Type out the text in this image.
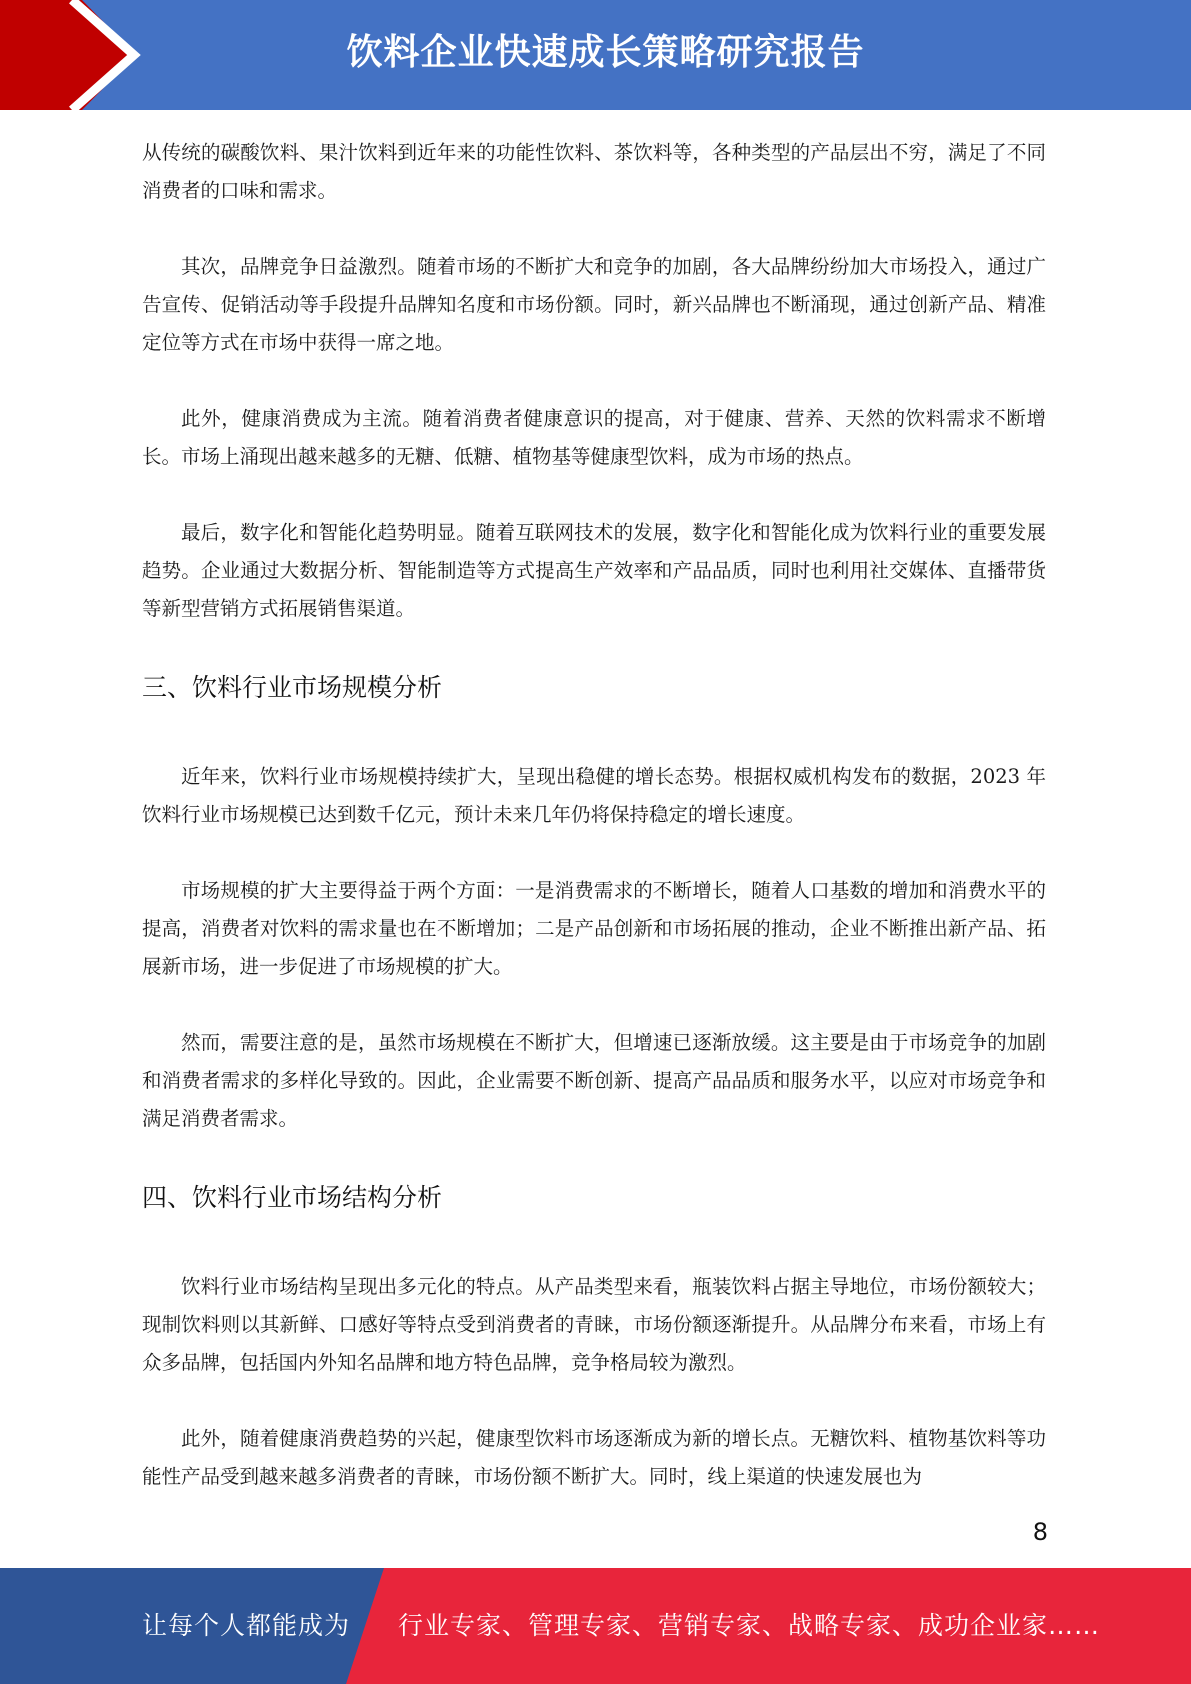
饮料企业快速成长策略研究报告

从传统的碳酸饮料、果汁饮料到近年来的功能性饮料、茶饮料等，各种类型的产品层出不穷，满足了不同消费者的口味和需求。

其次，品牌竞争日益激烈。随着市场的不断扩大和竞争的加剧，各大品牌纷纷加大市场投入，通过广告宣传、促销活动等手段提升品牌知名度和市场份额。同时，新兴品牌也不断涌现，通过创新产品、精准定位等方式在市场中获得一席之地。

此外，健康消费成为主流。随着消费者健康意识的提高，对于健康、营养、天然的饮料需求不断增长。市场上涌现出越来越多的无糖、低糖、植物基等健康型饮料，成为市场的热点。

最后，数字化和智能化趋势明显。随着互联网技术的发展，数字化和智能化成为饮料行业的重要发展趋势。企业通过大数据分析、智能制造等方式提高生产效率和产品品质，同时也利用社交媒体、直播带货等新型营销方式拓展销售渠道。

三、饮料行业市场规模分析

近年来，饮料行业市场规模持续扩大，呈现出稳健的增长态势。根据权威机构发布的数据，2023 年饮料行业市场规模已达到数千亿元，预计未来几年仍将保持稳定的增长速度。

市场规模的扩大主要得益于两个方面：一是消费需求的不断增长，随着人口基数的增加和消费水平的提高，消费者对饮料的需求量也在不断增加；二是产品创新和市场拓展的推动，企业不断推出新产品、拓展新市场，进一步促进了市场规模的扩大。

然而，需要注意的是，虽然市场规模在不断扩大，但增速已逐渐放缓。这主要是由于市场竞争的加剧和消费者需求的多样化导致的。因此，企业需要不断创新、提高产品品质和服务水平，以应对市场竞争和满足消费者需求。

四、饮料行业市场结构分析

饮料行业市场结构呈现出多元化的特点。从产品类型来看，瓶装饮料占据主导地位，市场份额较大；现制饮料则以其新鲜、口感好等特点受到消费者的青睐，市场份额逐渐提升。从品牌分布来看，市场上有众多品牌，包括国内外知名品牌和地方特色品牌，竞争格局较为激烈。

此外，随着健康消费趋势的兴起，健康型饮料市场逐渐成为新的增长点。无糖饮料、植物基饮料等功能性产品受到越来越多消费者的青睐，市场份额不断扩大。同时，线上渠道的快速发展也为

8
让每个人都能成为 行业专家、管理专家、营销专家、战略专家、成功企业家……
